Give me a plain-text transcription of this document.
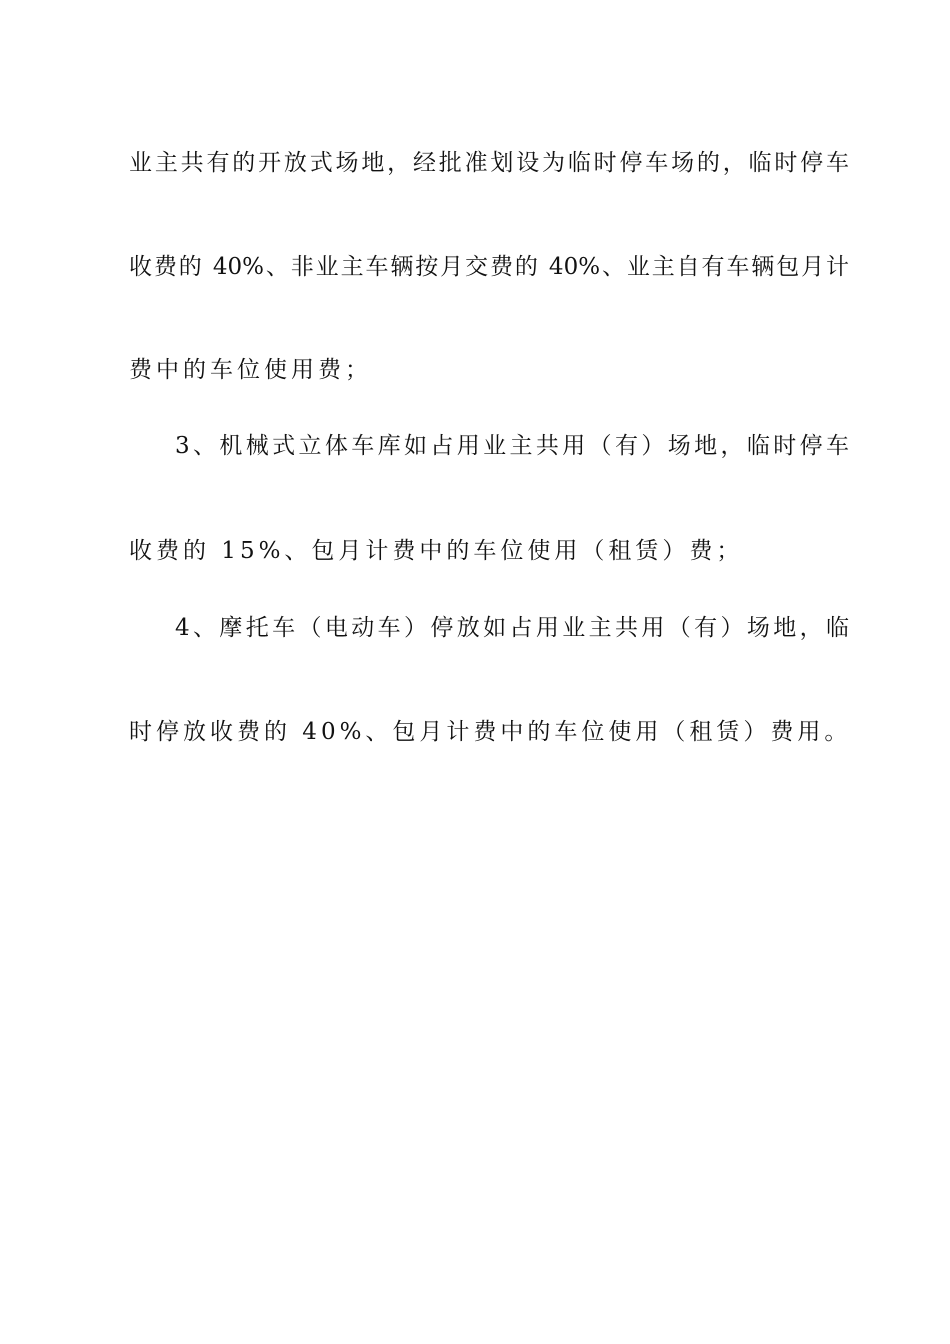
业主共有的开放式场地，经批准划设为临时停车场的，临时停车
收费的 40%、非业主车辆按月交费的 40%、业主自有车辆包月计
费中的车位使用费；
3、机械式立体车库如占用业主共用（有）场地，临时停车
收费的 15%、包月计费中的车位使用（租赁）费；
4、摩托车（电动车）停放如占用业主共用（有）场地，临
时停放收费的 40%、包月计费中的车位使用（租赁）费用。
